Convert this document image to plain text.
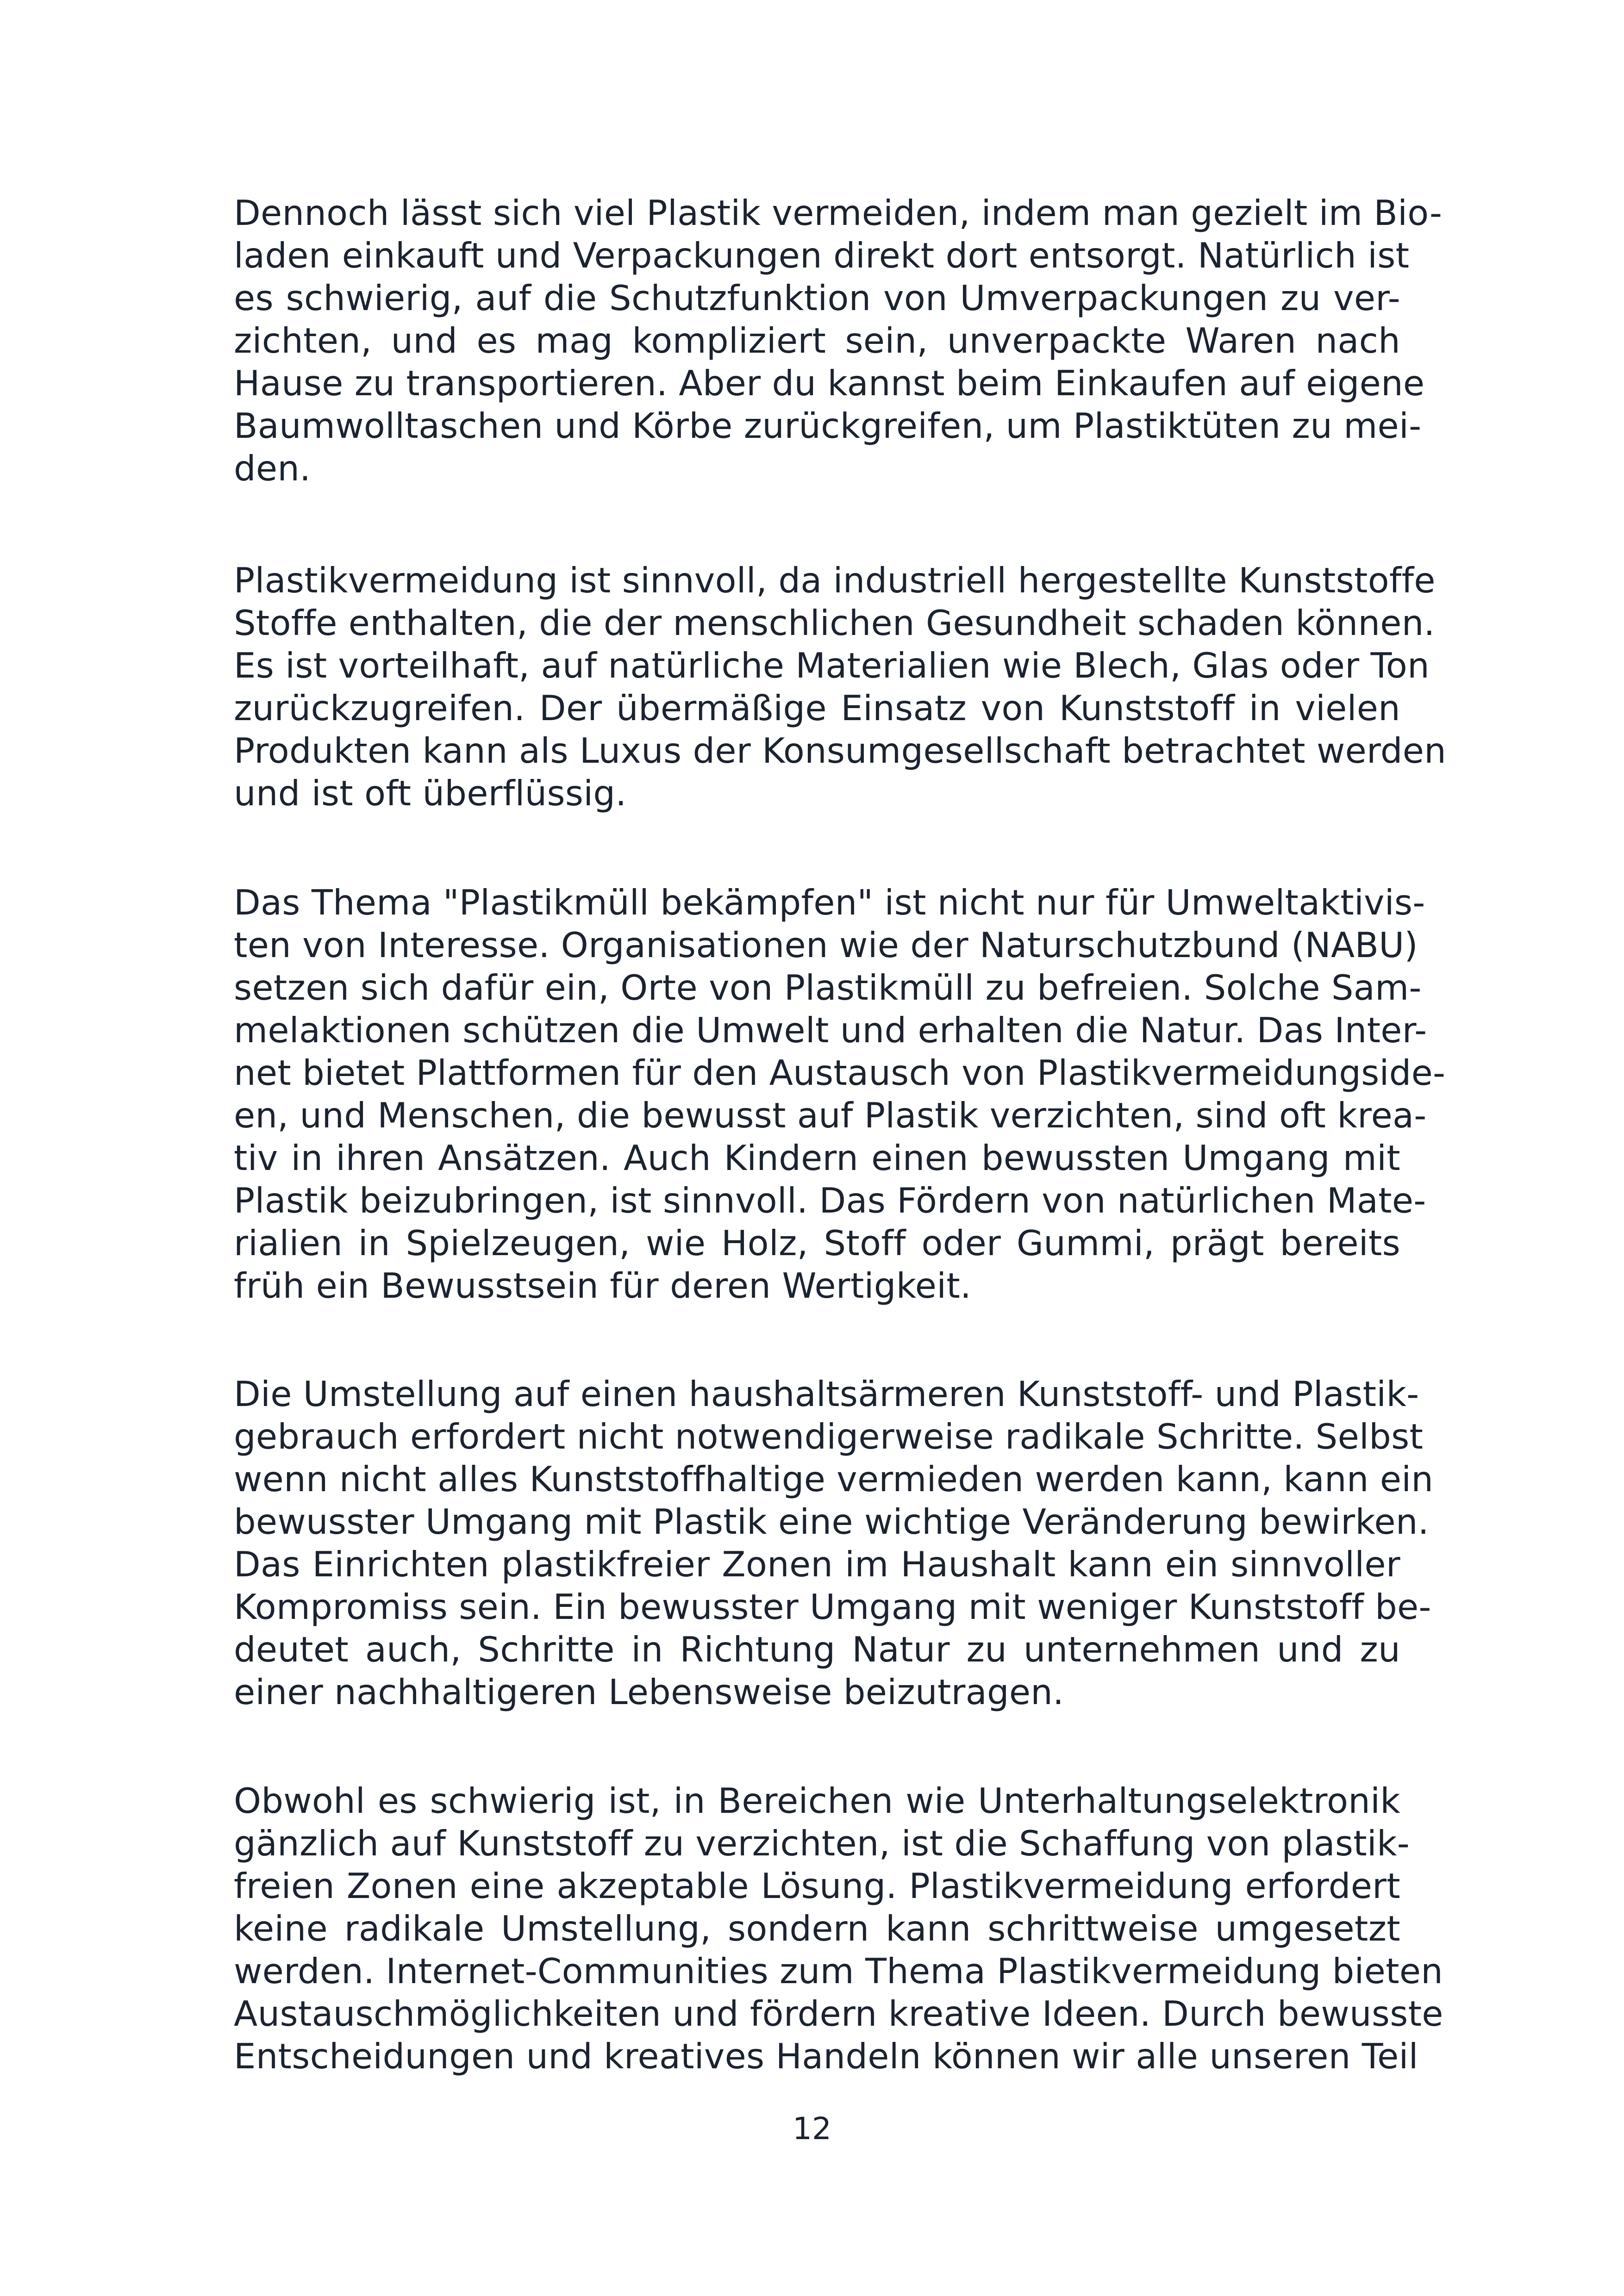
Dennoch lässt sich viel Plastik vermeiden, indem man gezielt im Bio-
laden einkauft und Verpackungen direkt dort entsorgt. Natürlich ist
es schwierig, auf die Schutzfunktion von Umverpackungen zu ver-
zichten, und es mag kompliziert sein, unverpackte Waren nach
Hause zu transportieren. Aber du kannst beim Einkaufen auf eigene
Baumwolltaschen und Körbe zurückgreifen, um Plastiktüten zu mei-
den.
Plastikvermeidung ist sinnvoll, da industriell hergestellte Kunststoffe
Stoffe enthalten, die der menschlichen Gesundheit schaden können.
Es ist vorteilhaft, auf natürliche Materialien wie Blech, Glas oder Ton
zurückzugreifen. Der übermäßige Einsatz von Kunststoff in vielen
Produkten kann als Luxus der Konsumgesellschaft betrachtet werden
und ist oft überflüssig.
Das Thema "Plastikmüll bekämpfen" ist nicht nur für Umweltaktivis-
ten von Interesse. Organisationen wie der Naturschutzbund (NABU)
setzen sich dafür ein, Orte von Plastikmüll zu befreien. Solche Sam-
melaktionen schützen die Umwelt und erhalten die Natur. Das Inter-
net bietet Plattformen für den Austausch von Plastikvermeidungside-
en, und Menschen, die bewusst auf Plastik verzichten, sind oft krea-
tiv in ihren Ansätzen. Auch Kindern einen bewussten Umgang mit
Plastik beizubringen, ist sinnvoll. Das Fördern von natürlichen Mate-
rialien in Spielzeugen, wie Holz, Stoff oder Gummi, prägt bereits
früh ein Bewusstsein für deren Wertigkeit.
Die Umstellung auf einen haushaltsärmeren Kunststoff- und Plastik-
gebrauch erfordert nicht notwendigerweise radikale Schritte. Selbst
wenn nicht alles Kunststoffhaltige vermieden werden kann, kann ein
bewusster Umgang mit Plastik eine wichtige Veränderung bewirken.
Das Einrichten plastikfreier Zonen im Haushalt kann ein sinnvoller
Kompromiss sein. Ein bewusster Umgang mit weniger Kunststoff be-
deutet auch, Schritte in Richtung Natur zu unternehmen und zu
einer nachhaltigeren Lebensweise beizutragen.
Obwohl es schwierig ist, in Bereichen wie Unterhaltungselektronik
gänzlich auf Kunststoff zu verzichten, ist die Schaffung von plastik-
freien Zonen eine akzeptable Lösung. Plastikvermeidung erfordert
keine radikale Umstellung, sondern kann schrittweise umgesetzt
werden. Internet-Communities zum Thema Plastikvermeidung bieten
Austauschmöglichkeiten und fördern kreative Ideen. Durch bewusste
Entscheidungen und kreatives Handeln können wir alle unseren Teil
12
